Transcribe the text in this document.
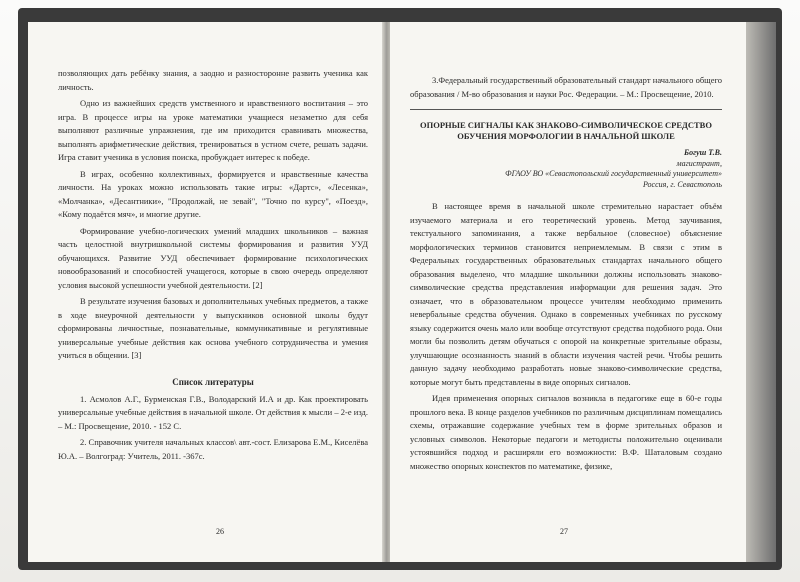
позволяющих дать ребёнку знания, а заодно и разносторонне развить ученика как личность.

Одно из важнейших средств умственного и нравственного воспитания – это игра. В процессе игры на уроке математики учащиеся незаметно для себя выполняют различные упражнения, где им приходится сравнивать множества, выполнять арифметические действия, тренироваться в устном счете, решать задачи. Игра ставит ученика в условия поиска, пробуждает интерес к победе.

В играх, особенно коллективных, формируется и нравственные качества личности. На уроках можно использовать такие игры: «Дартс», «Лесенка», «Молчанка», «Десантники», "Продолжай, не зевай", "Точно по курсу", «Поезд», «Кому подаётся мяч», и многие другие.

Формирование учебно-логических умений младших школьников – важная часть целостной внутришкольной системы формирования и развития УУД обучающихся. Развитие УУД обеспечивает формирование психологических новообразований и способностей учащегося, которые в свою очередь определяют условия высокой успешности учебной деятельности. [2]

В результате изучения базовых и дополнительных учебных предметов, а также в ходе внеурочной деятельности у выпускников основной школы будут сформированы личностные, познавательные, коммуникативные и регулятивные универсальные учебные действия как основа учебного сотрудничества и умения учиться в общении. [3]

Список литературы

1. Асмолов А.Г., Бурменская Г.В., Володарский И.А и др. Как проектировать универсальные учебные действия в начальной школе. От действия к мысли – 2-е изд. – М.: Просвещение, 2010. - 152 С.

2. Справочник учителя начальных классов\ авт.-сост. Елизарова Е.М., Киселёва Ю.А. – Волгоград: Учитель, 2011. -367с.

26

3.Федеральный государственный образовательный стандарт начального общего образования / М-во образования и науки Рос. Федерации. – М.: Просвещение, 2010.

ОПОРНЫЕ СИГНАЛЫ КАК ЗНАКОВО-СИМВОЛИЧЕСКОЕ СРЕДСТВО ОБУЧЕНИЯ МОРФОЛОГИИ В НАЧАЛЬНОЙ ШКОЛЕ
Богуш Т.В.
магистрант,
ФГАОУ ВО «Севастопольский государственный университет»
Россия, г. Севастополь

В настоящее время в начальной школе стремительно нарастает объём изучаемого материала и его теоретический уровень. Метод заучивания, текстуального запоминания, а также вербальное (словесное) объяснение морфологических терминов становится неприемлемым. В связи с этим в Федеральных государственных образовательных стандартах начального общего образования выделено, что младшие школьники должны использовать знаково-символические средства представления информации для решения задач. Это означает, что в образовательном процессе учителям необходимо применить невербальные средства обучения. Однако в современных учебниках по русскому языку содержится очень мало или вообще отсутствуют средства подобного рода. Они могли бы позволить детям обучаться с опорой на конкретные зрительные образы, улучшающие осознанность знаний в области изучения частей речи. Чтобы решить данную задачу необходимо разработать новые знаково-символические средства, которые могут быть представлены в виде опорных сигналов.

Идея применения опорных сигналов возникла в педагогике еще в 60-е годы прошлого века. В конце разделов учебников по различным дисциплинам помещались схемы, отражавшие содержание учебных тем в форме зрительных образов и условных символов. Некоторые педагоги и методисты положительно оценивали устоявшийся подход и расширяли его возможности: В.Ф. Шаталовым создано множество опорных конспектов по математике, физике,

27
